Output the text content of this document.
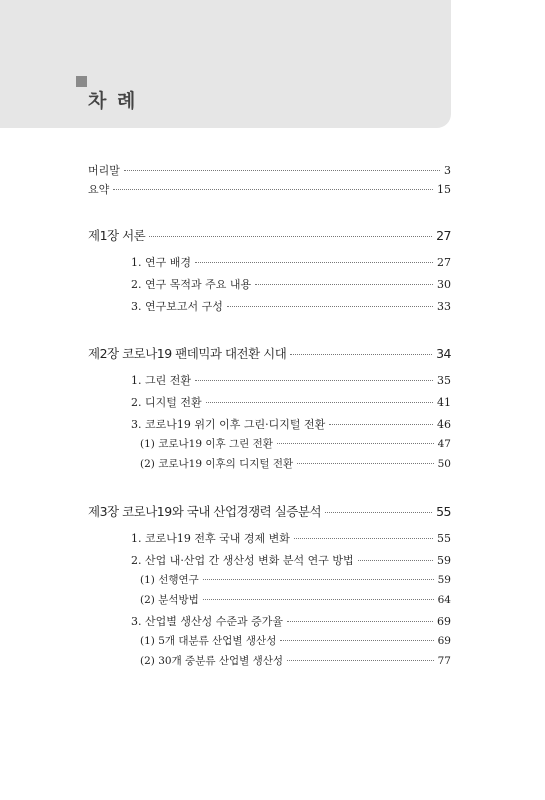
차 례
머리말	3
요약	15
제1장 서론	27
1. 연구 배경	27
2. 연구 목적과 주요 내용	30
3. 연구보고서 구성	33
제2장 코로나19 팬데믹과 대전환 시대	34
1. 그린 전환	35
2. 디지털 전환	41
3. 코로나19 위기 이후 그린·디지털 전환	46
(1) 코로나19 이후 그린 전환	47
(2) 코로나19 이후의 디지털 전환	50
제3장 코로나19와 국내 산업경쟁력 실증분석	55
1. 코로나19 전후 국내 경제 변화	55
2. 산업 내·산업 간 생산성 변화 분석 연구 방법	59
(1) 선행연구	59
(2) 분석방법	64
3. 산업별 생산성 수준과 증가율	69
(1) 5개 대분류 산업별 생산성	69
(2) 30개 중분류 산업별 생산성	77
